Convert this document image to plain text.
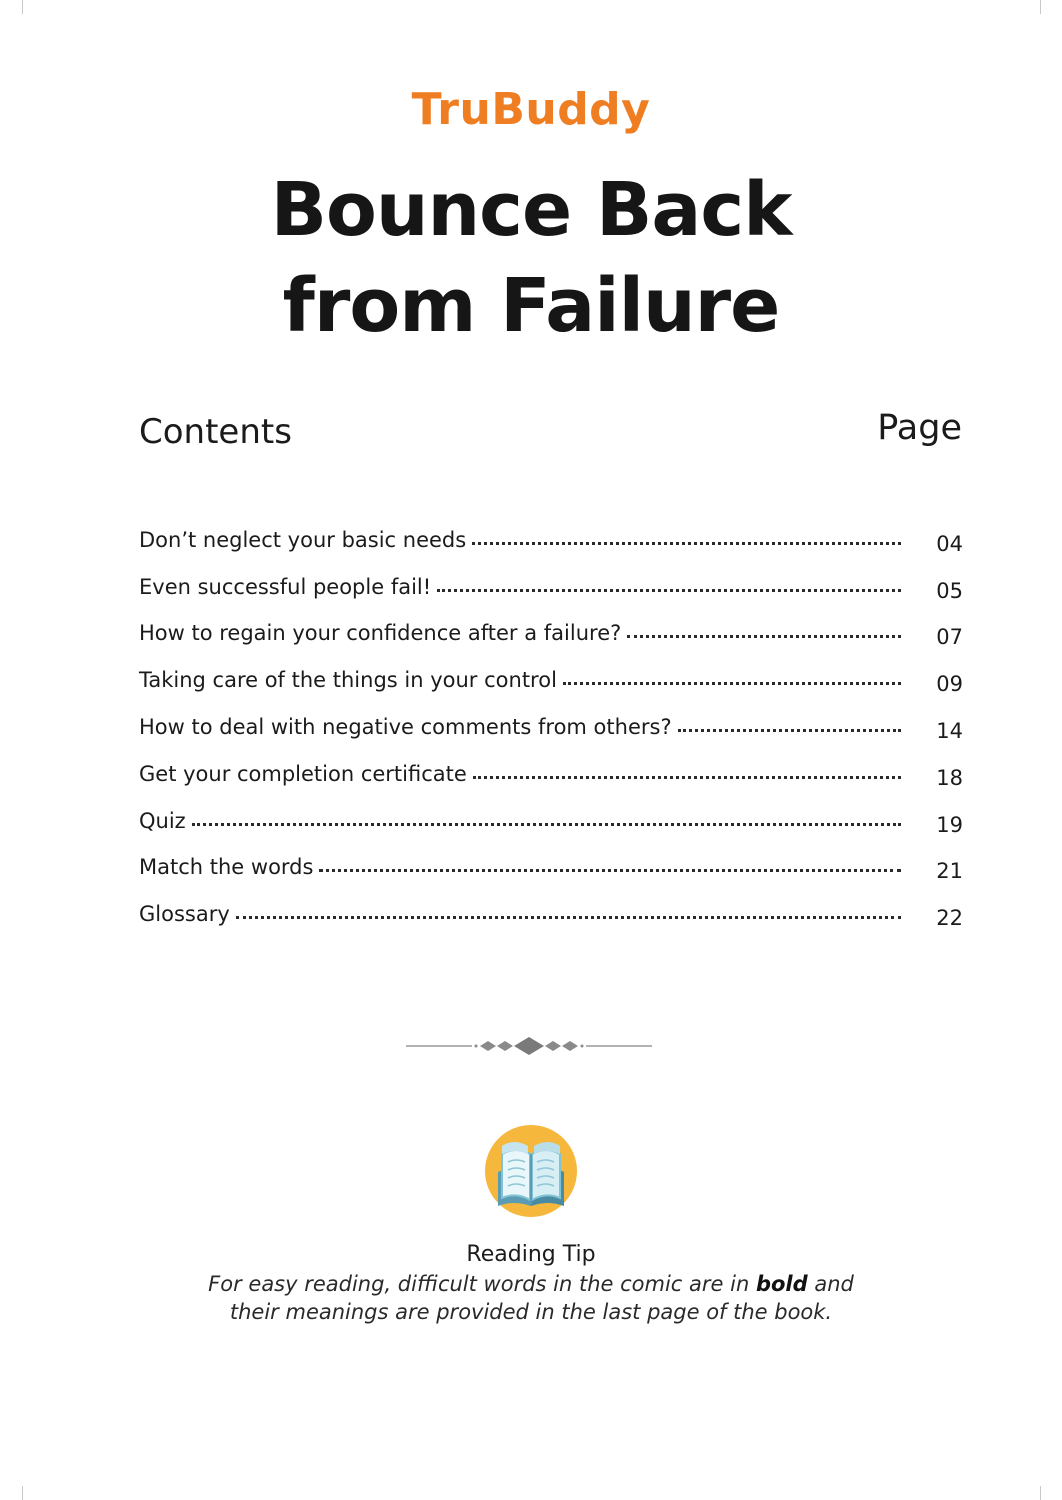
TruBuddy
Bounce Back
from Failure
Contents	Page
Don’t neglect your basic needs	04
Even successful people fail!	05
How to regain your confidence after a failure?	07
Taking care of the things in your control	09
How to deal with negative comments from others?	14
Get your completion certificate	18
Quiz	19
Match the words	21
Glossary	22
Reading Tip
For easy reading, difficult words in the comic are in bold and their meanings are provided in the last page of the book.
